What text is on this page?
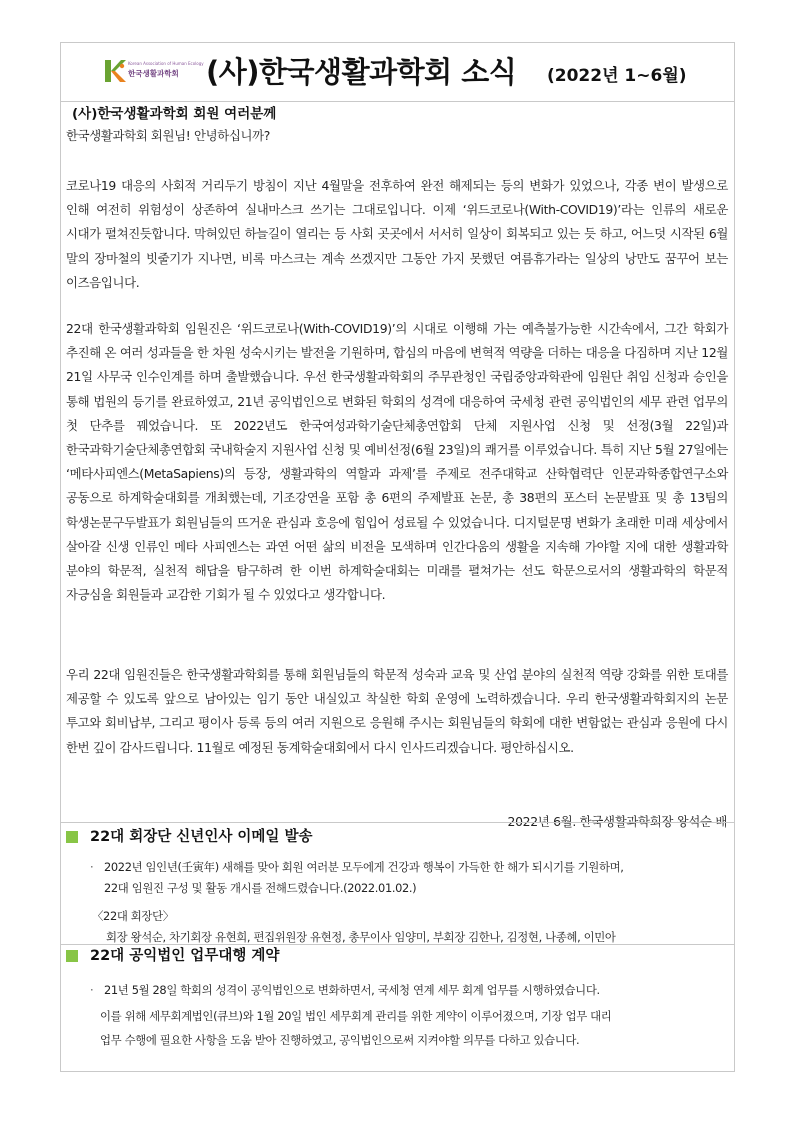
Korean Association of Human Ecology
한국생활과학회 (사)한국생활과학회 소식 (2022년 1~6월)
(사)한국생활과학회 회원 여러분께

한국생활과학회 회원님! 안녕하십니까?

코로나19 대응의 사회적 거리두기 방침이 지난 4월말을 전후하여 완전 해제되는 등의 변화가 있었으나, 각종 변이 발생으로 인해 여전히 위험성이 상존하여 실내마스크 쓰기는 그대로입니다. 이제 ‘위드코로나(With-COVID19)’라는 인류의 새로운 시대가 펼쳐진듯합니다. 막혀있던 하늘길이 열리는 등 사회 곳곳에서 서서히 일상이 회복되고 있는 듯 하고, 어느덧 시작된 6월 말의 장마철의 빗줄기가 지나면, 비록 마스크는 계속 쓰겠지만 그동안 가지 못했던 여름휴가라는 일상의 낭만도 꿈꾸어 보는 이즈음입니다.

22대 한국생활과학회 임원진은 ‘위드코로나(With-COVID19)’의 시대로 이행해 가는 예측불가능한 시간속에서, 그간 학회가 추진해 온 여러 성과들을 한 차원 성숙시키는 발전을 기원하며, 합심의 마음에 변혁적 역량을 더하는 대응을 다짐하며 지난 12월 21일 사무국 인수인계를 하며 출발했습니다. 우선 한국생활과학회의 주무관청인 국립중앙과학관에 임원단 취임 신청과 승인을 통해 법원의 등기를 완료하였고, 21년 공익법인으로 변화된 학회의 성격에 대응하여 국세청 관련 공익법인의 세무 관련 업무의 첫 단추를 꿰었습니다. 또 2022년도 한국여성과학기술단체총연합회 단체 지원사업 신청 및 선정(3월 22일)과 한국과학기술단체총연합회 국내학술지 지원사업 신청 및 예비선정(6월 23일)의 쾌거를 이루었습니다. 특히 지난 5월 27일에는 ‘메타사피엔스(MetaSapiens)의 등장, 생활과학의 역할과 과제’를 주제로 전주대학교 산학협력단 인문과학종합연구소와 공동으로 하계학술대회를 개최했는데, 기조강연을 포함 총 6편의 주제발표 논문, 총 38편의 포스터 논문발표 및 총 13팀의 학생논문구두발표가 회원님들의 뜨거운 관심과 호응에 힘입어 성료될 수 있었습니다. 디지털문명 변화가 초래한 미래 세상에서 살아갈 신생 인류인 메타 사피엔스는 과연 어떤 삶의 비전을 모색하며 인간다움의 생활을 지속해 가야할 지에 대한 생활과학 분야의 학문적, 실천적 해답을 탐구하려 한 이번 하계학술대회는 미래를 펼쳐가는 선도 학문으로서의 생활과학의 학문적 자긍심을 회원들과 교감한 기회가 될 수 있었다고 생각합니다.

우리 22대 임원진들은 한국생활과학회를 통해 회원님들의 학문적 성숙과 교육 및 산업 분야의 실천적 역량 강화를 위한 토대를 제공할 수 있도록 앞으로 남아있는 임기 동안 내실있고 착실한 학회 운영에 노력하겠습니다. 우리 한국생활과학회지의 논문 투고와 회비납부, 그리고 평이사 등록 등의 여러 지원으로 응원해 주시는 회원님들의 학회에 대한 변함없는 관심과 응원에 다시 한번 깊이 감사드립니다. 11월로 예정된 동계학술대회에서 다시 인사드리겠습니다. 평안하십시오.

2022년 6월. 한국생활과학회장 왕석순 배
22대 회장단 신년인사 이메일 발송
· 2022년 임인년(壬寅年) 새해를 맞아 회원 여러분 모두에게 건강과 행복이 가득한 한 해가 되시기를 기원하며,
22대 임원진 구성 및 활동 개시를 전해드렸습니다.(2022.01.02.)
〈22대 회장단〉
회장 왕석순, 차기회장 유현희, 편집위원장 유현정, 총무이사 임양미, 부회장 김한나, 김정현, 나종혜, 이민아
22대 공익법인 업무대행 계약
· 21년 5월 28일 학회의 성격이 공익법인으로 변화하면서, 국세청 연계 세무 회계 업무를 시행하였습니다.
이를 위해 세무회계법인(큐브)와 1월 20일 법인 세무회계 관리를 위한 계약이 이루어졌으며, 기장 업무 대리
업무 수행에 필요한 사항을 도움 받아 진행하였고, 공익법인으로써 지켜야할 의무를 다하고 있습니다.
